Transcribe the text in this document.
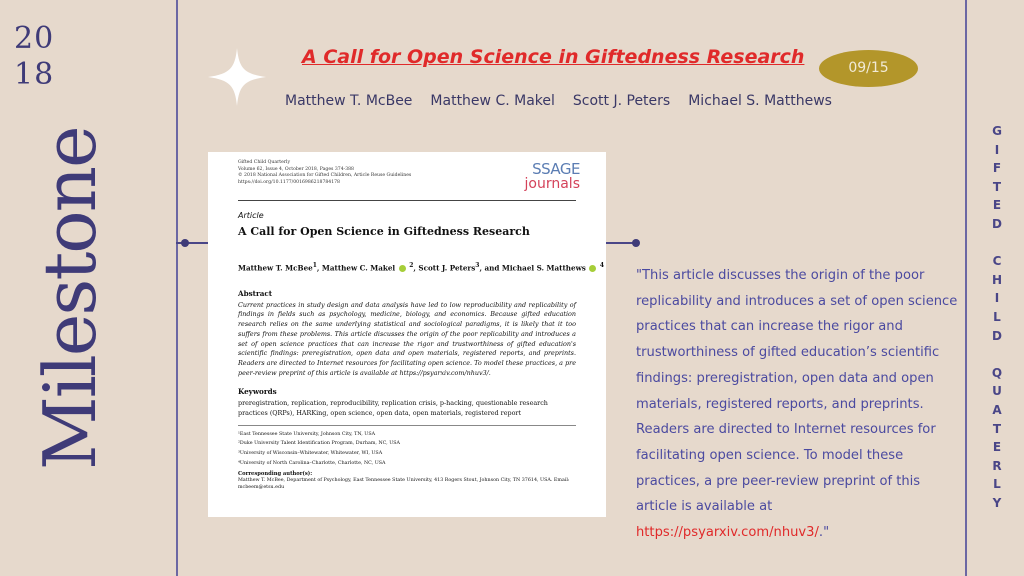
20
18
Milestone	G
I
F
T
E
D

C
H
I
L
D

Q
U
A
T
E
R
L
Y
A Call for Open Science in Giftedness Research	09/15
Matthew T. McBee Matthew C. Makel Scott J. Peters Michael S. Matthews
Gifted Child Quarterly
Volume 62, Issue 4, October 2018, Pages 374-388
© 2018 National Association for Gifted Children, Article Reuse Guidelines
https://doi.org/10.1177/0016986218784178
SSAGE
journals
Article
A Call for Open Science in Giftedness Research
Matthew T. McBee$^1$, Matthew C. Makel $^2$, Scott J. Peters$^3$, and Michael S. Matthews $^4$
Abstract
Current practices in study design and data analysis have led to low reproducibility and replicability of findings in fields such as psychology, medicine, biology, and economics. Because gifted education research relies on the same underlying statistical and sociological paradigms, it is likely that it too suffers from these problems. This article discusses the origin of the poor replicability and introduces a set of open science practices that can increase the rigor and trustworthiness of gifted education's scientific findings: preregistration, open data and open materials, registered reports, and preprints. Readers are directed to Internet resources for facilitating open science. To model these practices, a pre peer-review preprint of this article is available at https://psyarxiv.com/nhuv3/.
Keywords
preregistration, replication, reproducibility, replication crisis, p-hacking, questionable research practices (QRPs), HARKing, open science, open data, open materials, registered report
¹East Tennessee State University, Johnson City, TN, USA
²Duke University Talent Identification Program, Durham, NC, USA
³University of Wisconsin–Whitewater, Whitewater, WI, USA
⁴University of North Carolina–Charlotte, Charlotte, NC, USA
Corresponding author(s):
Matthew T. McBee, Department of Psychology, East Tennessee State University, 413 Rogers Stout, Johnson City, TN 37614, USA. Email: mcbeem@etsu.edu
"This article discusses the origin of the poor replicability and introduces a set of open science practices that can increase the rigor and trustworthiness of gifted education’s scientific findings: preregistration, open data and open materials, registered reports, and preprints. Readers are directed to Internet resources for facilitating open science. To model these practices, a pre peer-review preprint of this article is available at https://psyarxiv.com/nhuv3/."
